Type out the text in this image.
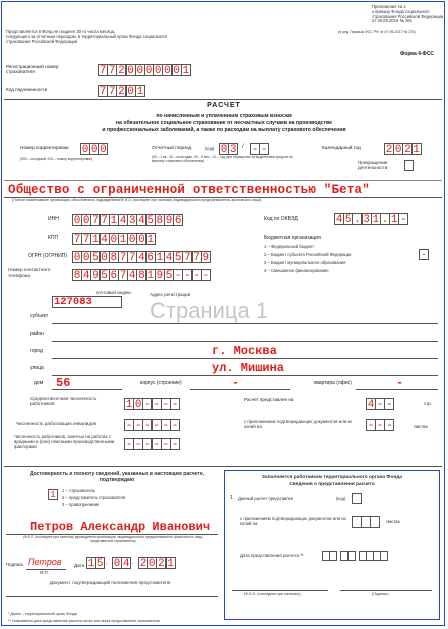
Приложение № 1
к приказу Фонда социального
страхования Российской Федерации
от 26.09.2016 № 381
(в ред. Приказа ФСС РФ от 07.06.2017 № 275)
Представляется в Фонд не позднее 20-го числа месяца,
следующего за отчетным периодом, в территориальный орган Фонда социального
страхования Российской Федерации
Форма 4-ФСС
Регистрационный номер страхователя	7 7 2 0 0 0 0 0 0 1
Код подчиненности	7 7 2 0 1
РАСЧЕТ
по начисленным и уплаченным страховым взносам
на обязательное социальное страхование от несчастных случаев на производстве
и профессиональных заболеваний, а также по расходам на выплату страхового обеспечения
Номер корректировки 0 0 0
(000 – исходный, 001 – номер корректировки)
Отчетный период	(код) 0 3 / - -
(03 – 1 кв., 06 – полугодие, 09 – 9 мес., 12 – год (при обращении за выделением средств на выплату страхового обеспечения)
Календарный год 2 0 2 1
Прекращение деятельности
Общество с ограниченной ответственностью "Бета"
(Полное наименование организации, обособленного подразделения/Ф.И.О. (последнее при наличии) индивидуального предпринимателя, физического лица)
ИНН 0 0 7 7 1 4 3 4 5 8 9 6
КПП 7 7 1 4 0 1 0 0 1
ОГРН (ОГРНИП) 0 0 5 0 8 7 7 4 6 1 4 5 7 7 9
Номер контактного телефона	8 4 9 5 6 7 4 8 1 9 5 - - - -
Код по ОКВЭД	4 5 . 3 1 . 1 -
Бюджетная организация
1 – Федеральный бюджет
2 – Бюджет субъекта Российской Федерации
3 – Бюджет муниципального образования
4 – Смешанное финансирование
-
почтовый индекс	Адрес регистрации
127083	Страница 1
субъект
район
город	г. Москва
улица	ул. Мишина
дом 56	корпус (строение)	-	квартира (офис)	-
Среднесписочная численность работников	1 0 - - - -
Численность работающих инвалидов	- - - - - -
Численность работников, занятых на работах с вредными и (или) опасными производственными факторами	- - - - - -
Расчет представлен на	4 - -	стр.
с приложением подтверждающих документов или их копий на	- - -	листах
Достоверность и полноту сведений, указанных в настоящем расчете, подтверждаю
1	1 – страхователь
2 – представитель страхователя
3 – правопреемник
Петров Александр Иванович
(Ф.И.О. (последнее при наличии) руководителя организации, индивидуального предпринимателя, физического лица, представителя страхователя)
Подпись Петров
М.П.
Дата 1 5 . 0 4 . 2 0 2 1
Документ, подтверждающий полномочия представителя
* Далее – территориальный орган Фонда
** Указывается дата представления расчета лично или через представителя страхователя
Заполняется работником территориального органа Фонда
Сведения о представлении расчета
1 Данный расчет представлен	(код)
с приложением подтверждающих документов или их копий на	листах
Дата представления расчета **
(Ф.И.О. (последнее при наличии))	(Подпись)
